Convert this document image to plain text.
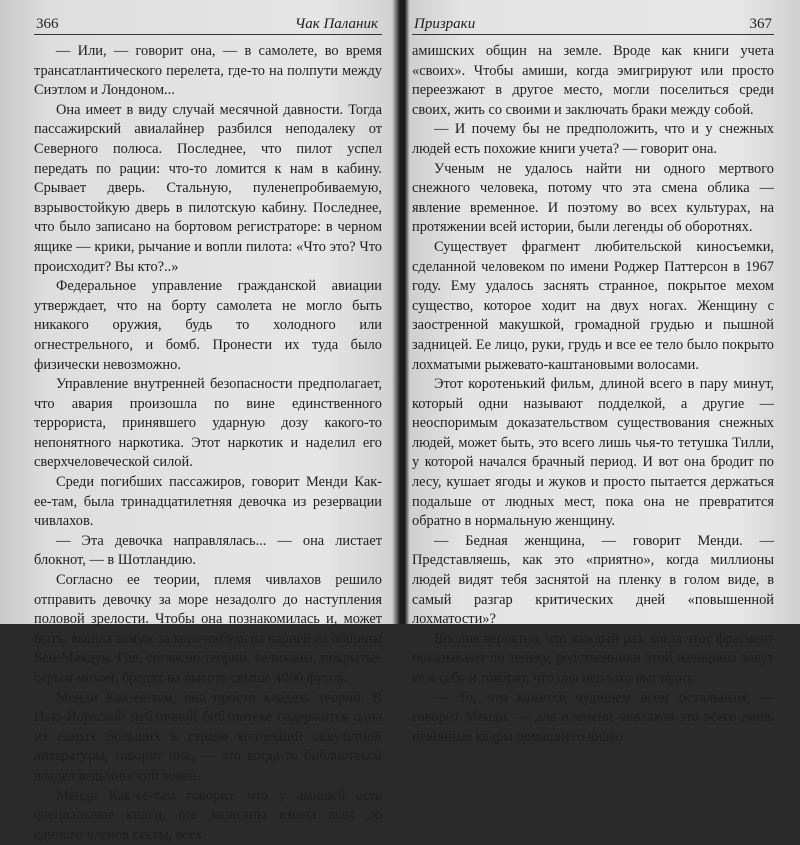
366	Чак Паланик

— Или, — говорит она, — в самолете, во время трансатлантического перелета, где-то на полпути между Сиэтлом и Лондоном...

Она имеет в виду случай месячной давности. Тогда пассажирский авиалайнер разбился неподалеку от Северного полюса. Последнее, что пилот успел передать по рации: что-то ломится к нам в кабину. Срывает дверь. Стальную, пуленепробиваемую, взрывостойкую дверь в пилотскую кабину. Последнее, что было записано на бортовом регистраторе: в черном ящике — крики, рычание и вопли пилота: «Что это? Что происходит? Вы кто?..»

Федеральное управление гражданской авиации утверждает, что на борту самолета не могло быть никакого оружия, будь то холодного или огнестрельного, и бомб. Пронести их туда было физически невозможно.

Управление внутренней безопасности предполагает, что авария произошла по вине единственного террориста, принявшего ударную дозу какого-то непонятного наркотика. Этот наркотик и наделил его сверхчеловеческой силой.

Среди погибших пассажиров, говорит Менди Как-ее-там, была тринадцатилетняя девочка из резервации чивлахов.

— Эта девочка направлялась... — она листает блокнот, — в Шотландию.

Согласно ее теории, племя чивлахов решило отправить девочку за море незадолго до наступления половой зрелости. Чтобы она познакомилась и, может быть, вышла замуж за кого-нибудь из парней из общины Бен-Макдуи. Где, согласно теории, великаны, покрытые серым мехом, бродят на высоте свыше 4000 футов.

Менди Как-ее-там, она просто кладезь теорий. В Нью-Йоркской публичной библиотеке содержится одна из самых больших в стране коллекций оккультной литературы, говорит она, — это когда-то библиотекой владел ведьминский ковен.

Менди Как-ее-там говорит, что у амишей есть специальные книги, где записаны имена всех до единого членов секты, всех

Призраки	367

амишских общин на земле. Вроде как книги учета «своих». Чтобы амиши, когда эмигрируют или просто переезжают в другое место, могли поселиться среди своих, жить со своими и заключать браки между собой.

— И почему бы не предположить, что и у снежных людей есть похожие книги учета? — говорит она.

Ученым не удалось найти ни одного мертвого снежного человека, потому что эта смена облика — явление временное. И поэтому во всех культурах, на протяжении всей истории, были легенды об оборотнях.

Существует фрагмент любительской киносъемки, сделанной человеком по имени Роджер Паттерсон в 1967 году. Ему удалось заснять странное, покрытое мехом существо, которое ходит на двух ногах. Женщину с заостренной макушкой, громадной грудью и пышной задницей. Ее лицо, руки, грудь и все ее тело было покрыто лохматыми рыжевато-каштановыми волосами.

Этот коротенький фильм, длиной всего в пару минут, который одни называют подделкой, а другие — неоспоримым доказательством существования снежных людей, может быть, это всего лишь чья-то тетушка Тилли, у которой начался брачный период. И вот она бродит по лесу, кушает ягоды и жуков и просто пытается держаться подальше от людных мест, пока она не превратится обратно в нормальную женщину.

— Бедная женщина, — говорит Менди. — Представляешь, как это «приятно», когда миллионы людей видят тебя заснятой на пленку в голом виде, в самый разгар критических дней «повышенной лохматости»?

Вполне вероятно, что каждый раз, когда этот фрагмент показывают по телеку, родственники этой женщины зовут ее к себе и говорят, что она неплохо выглядит.

— То, что кажется чудищем всем остальным, — говорит Менди, — для племени чивлахов это всего лишь невинные кадры домашнего видео.
